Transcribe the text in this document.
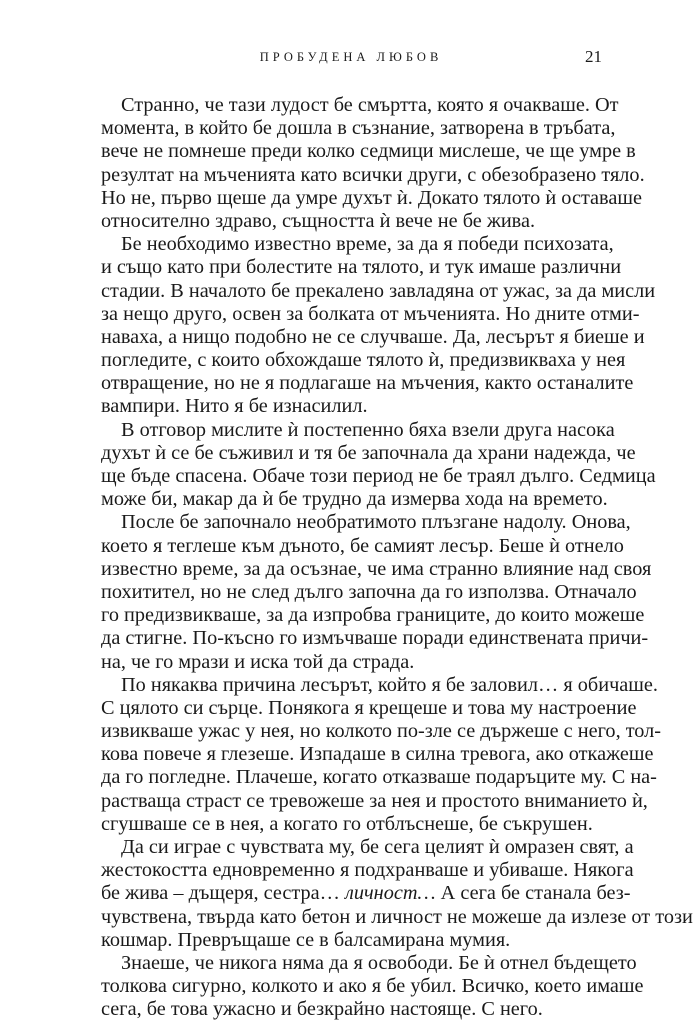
ПРОБУДЕНА ЛЮБОВ	21
Странно, че тази лудост бе смъртта, която я очакваше. От
момента, в който бе дошла в съзнание, затворена в тръбата,
вече не помнеше преди колко седмици мислеше, че ще умре в
резултат на мъченията като всички други, с обезобразено тяло.
Но не, първо щеше да умре духът ѝ. Докато тялото ѝ оставаше
относително здраво, същността ѝ вече не бе жива.
Бе необходимо известно време, за да я победи психозата,
и също като при болестите на тялото, и тук имаше различни
стадии. В началото бе прекалено завладяна от ужас, за да мисли
за нещо друго, освен за болката от мъченията. Но дните отми-
наваха, а нищо подобно не се случваше. Да, лесърът я биеше и
погледите, с които обхождаше тялото ѝ, предизвикваха у нея
отвращение, но не я подлагаше на мъчения, както останалите
вампири. Нито я бе изнасилил.
В отговор мислите ѝ постепенно бяха взели друга насока
духът ѝ се бе съживил и тя бе започнала да храни надежда, че
ще бъде спасена. Обаче този период не бе траял дълго. Седмица
може би, макар да ѝ бе трудно да измерва хода на времето.
После бе започнало необратимото плъзгане надолу. Онова,
което я теглеше към дъното, бе самият лесър. Беше ѝ отнело
известно време, за да осъзнае, че има странно влияние над своя
похитител, но не след дълго започна да го използва. Отначало
го предизвикваше, за да изпробва границите, до които можеше
да стигне. По-късно го измъчваше поради единствената причи-
на, че го мрази и иска той да страда.
По някаква причина лесърът, който я бе заловил… я обичаше.
С цялото си сърце. Понякога я крещеше и това му настроение
извикваше ужас у нея, но колкото по-зле се държеше с него, тол-
кова повече я глезеше. Изпадаше в силна тревога, ако откажеше
да го погледне. Плачеше, когато отказваше подаръците му. С на-
растваща страст се тревожеше за нея и простото вниманието ѝ,
сгушваше се в нея, а когато го отблъснеше, бе съкрушен.
Да си играе с чувствата му, бе сега целият ѝ омразен свят, а
жестокостта едновременно я подхранваше и убиваше. Някога
бе жива – дъщеря, сестра… личност… А сега бе станала без-
чувствена, твърда като бетон и личност не можеше да излезе от този
кошмар. Превръщаше се в балсамирана мумия.
Знаеше, че никога няма да я освободи. Бе ѝ отнел бъдещето
толкова сигурно, колкото и ако я бе убил. Всичко, което имаше
сега, бе това ужасно и безкрайно настояще. С него.
